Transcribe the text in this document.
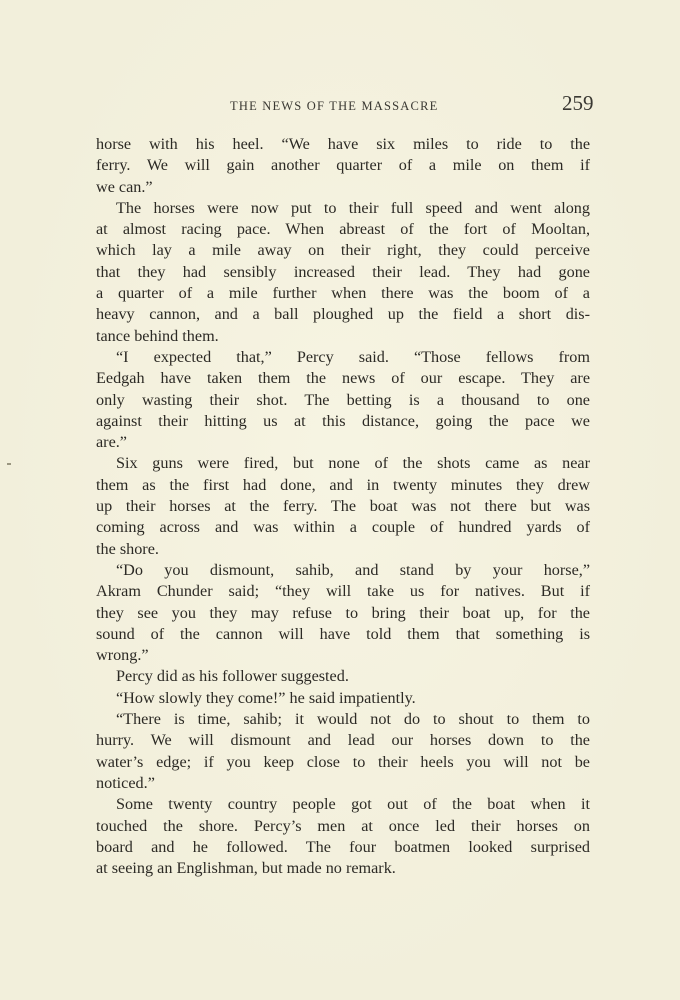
THE NEWS OF THE MASSACRE	259
horse with his heel. “We have six miles to ride to the
ferry. We will gain another quarter of a mile on them if
we can.”
The horses were now put to their full speed and went along
at almost racing pace. When abreast of the fort of Mooltan,
which lay a mile away on their right, they could perceive
that they had sensibly increased their lead. They had gone
a quarter of a mile further when there was the boom of a
heavy cannon, and a ball ploughed up the field a short dis-
tance behind them.
“I expected that,” Percy said. “Those fellows from
Eedgah have taken them the news of our escape. They are
only wasting their shot. The betting is a thousand to one
against their hitting us at this distance, going the pace we
are.”
Six guns were fired, but none of the shots came as near
them as the first had done, and in twenty minutes they drew
up their horses at the ferry. The boat was not there but was
coming across and was within a couple of hundred yards of
the shore.
“Do you dismount, sahib, and stand by your horse,”
Akram Chunder said; “they will take us for natives. But if
they see you they may refuse to bring their boat up, for the
sound of the cannon will have told them that something is
wrong.”
Percy did as his follower suggested.
“How slowly they come!” he said impatiently.
“There is time, sahib; it would not do to shout to them to
hurry. We will dismount and lead our horses down to the
water’s edge; if you keep close to their heels you will not be
noticed.”
Some twenty country people got out of the boat when it
touched the shore. Percy’s men at once led their horses on
board and he followed. The four boatmen looked surprised
at seeing an Englishman, but made no remark.
